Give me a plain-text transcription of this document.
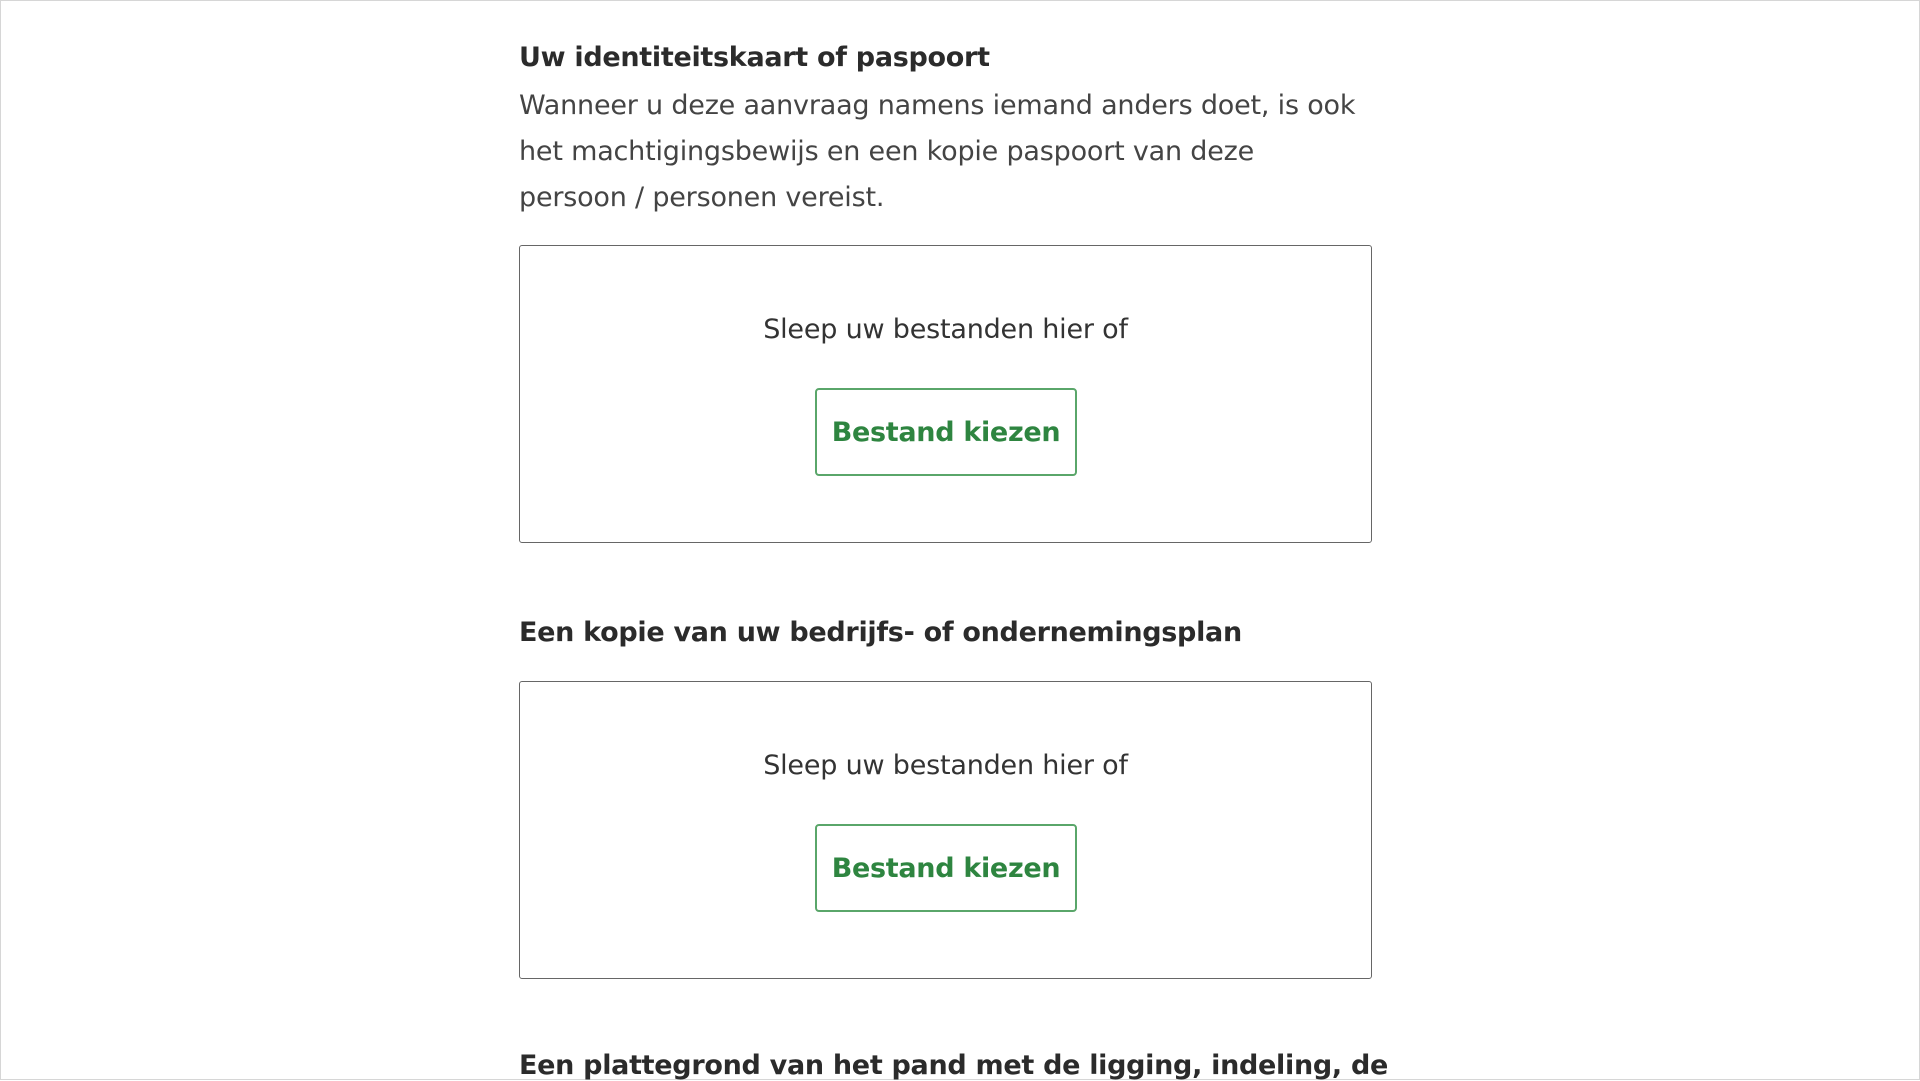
Uw identiteitskaart of paspoort

Wanneer u deze aanvraag namens iemand anders doet, is ook het machtigingsbewijs en een kopie paspoort van deze persoon / personen vereist.

Sleep uw bestanden hier of
Bestand kiezen
Een kopie van uw bedrijfs- of ondernemingsplan
Sleep uw bestanden hier of
Bestand kiezen
Een plattegrond van het pand met de ligging, indeling, de
